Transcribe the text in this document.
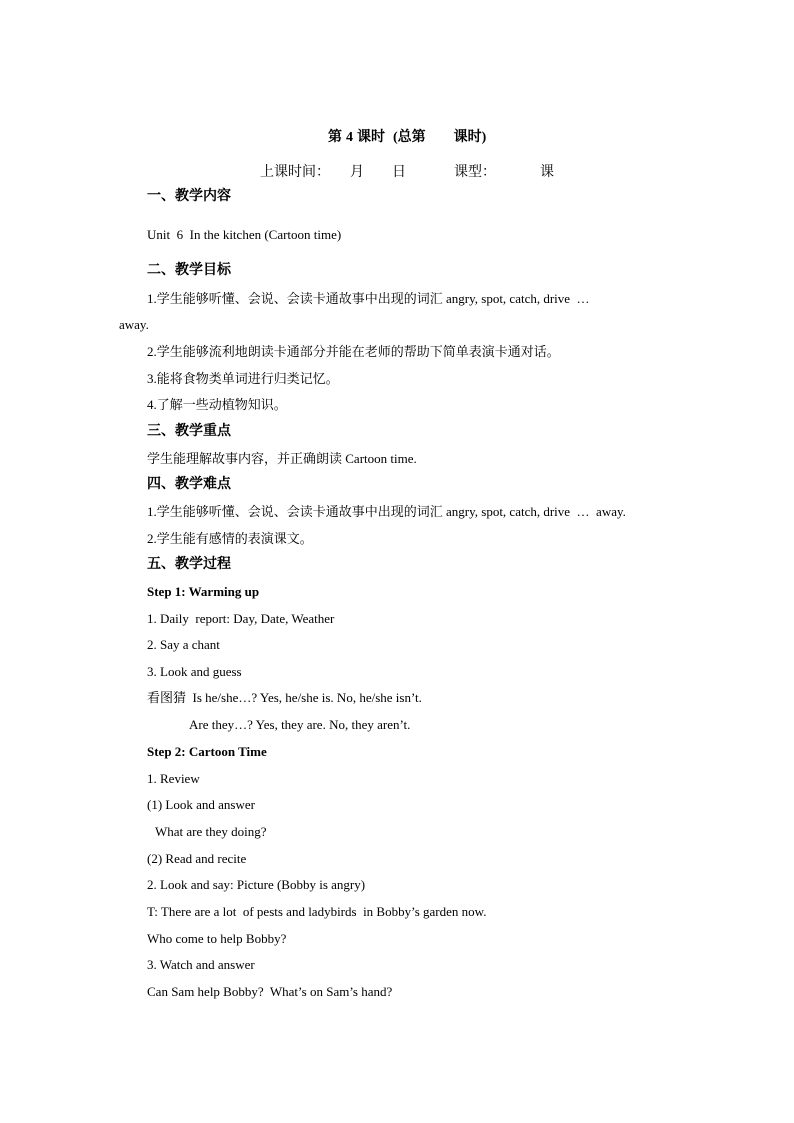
第 4 课时 (总第 课时)

上课时间： 月 日	课型：	课

一、教学内容
Unit  6  In the kitchen (Cartoon time)
二、教学目标
1.学生能够听懂、会说、会读卡通故事中出现的词汇 angry, spot, catch, drive  …
away.
2.学生能够流利地朗读卡通部分并能在老师的帮助下简单表演卡通对话。
3.能将食物类单词进行归类记忆。
4.了解一些动植物知识。
三、教学重点
学生能理解故事内容，并正确朗读 Cartoon time.
四、教学难点
1.学生能够听懂、会说、会读卡通故事中出现的词汇 angry, spot, catch, drive  …  away.
2.学生能有感情的表演课文。
五、教学过程
Step 1: Warming up
1. Daily  report: Day, Date, Weather
2. Say a chant
3. Look and guess
看图猜  Is he/she…? Yes, he/she is. No, he/she isn’t.
Are they…? Yes, they are. No, they aren’t.
Step 2: Cartoon Time
1. Review
(1) Look and answer
What are they doing?
(2) Read and recite
2. Look and say: Picture (Bobby is angry)
T: There are a lot  of pests and ladybirds  in Bobby’s garden now.
Who come to help Bobby?
3. Watch and answer
Can Sam help Bobby?  What’s on Sam’s hand?
